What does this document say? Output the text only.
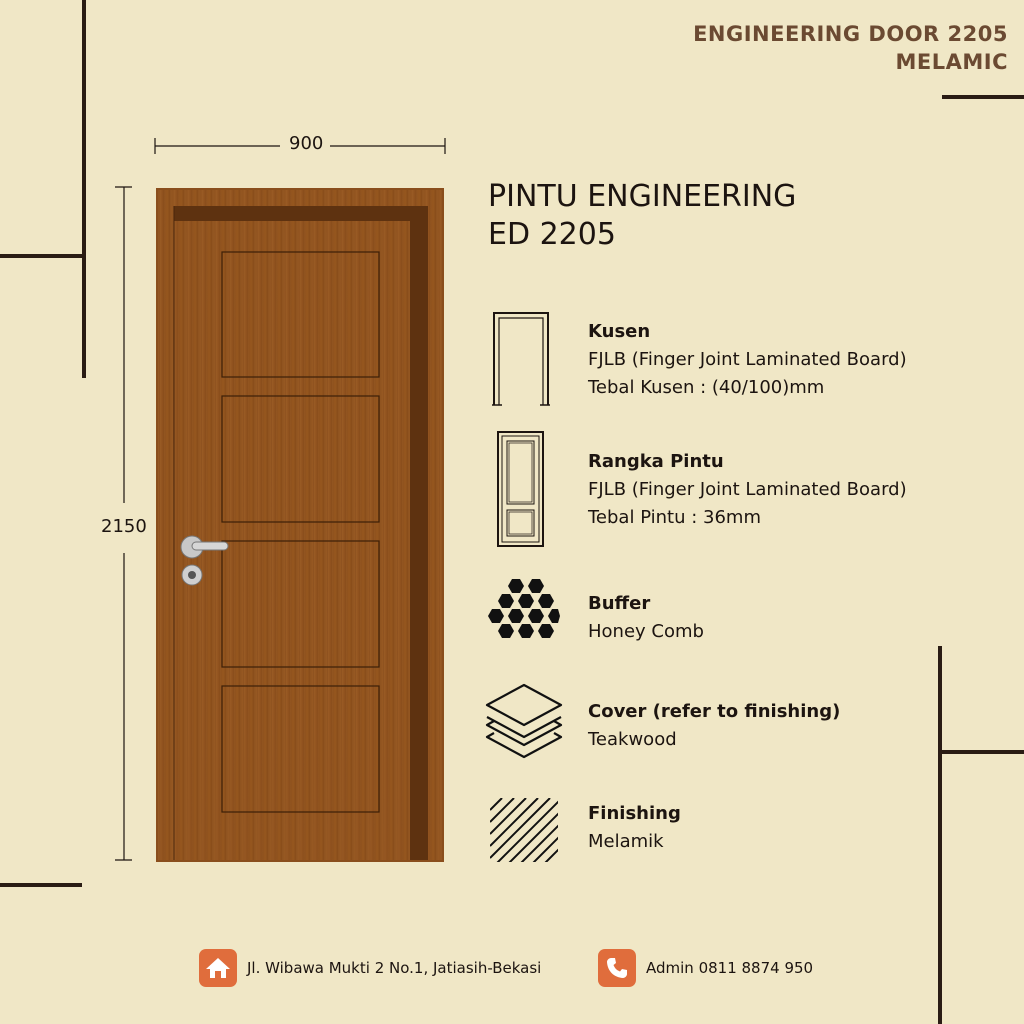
ENGINEERING DOOR 2205
MELAMIC
900
2150
PINTU ENGINEERING
ED 2205
Kusen
FJLB (Finger Joint Laminated Board)
Tebal Kusen : (40/100)mm
Rangka Pintu
FJLB (Finger Joint Laminated Board)
Tebal Pintu : 36mm
Buffer
Honey Comb
Cover (refer to finishing)
Teakwood
Finishing
Melamik
Jl. Wibawa Mukti 2 No.1, Jatiasih-Bekasi	Admin 0811 8874 950
